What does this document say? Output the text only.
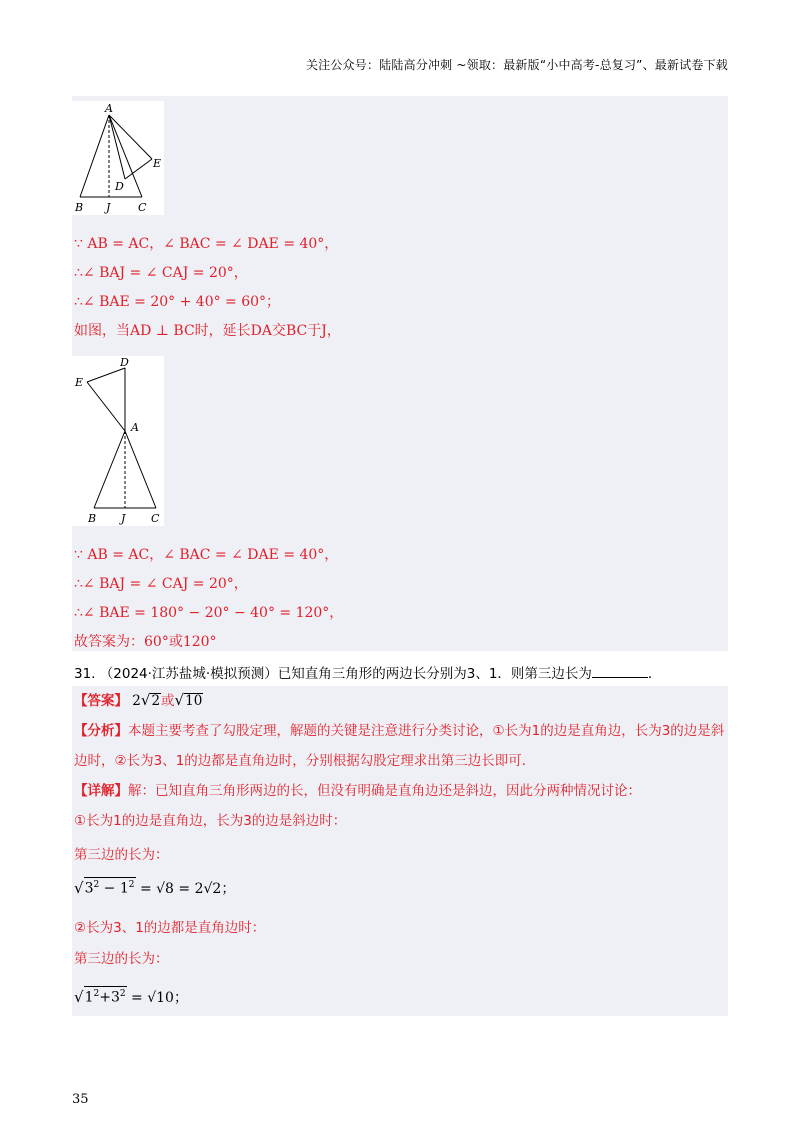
关注公众号：陆陆高分冲刺 ~领取：最新版“小中高考-总复习”、最新试卷下载
A
E
D
B J	C
∵ AB = AC，∠ BAC = ∠ DAE = 40°，
∴∠ BAJ = ∠ CAJ = 20°，
∴∠ BAE = 20° + 40° = 60°；
如图，当AD ⊥ BC时，延长DA交BC于J，
D
E
A
B J C
∵ AB = AC，∠ BAC = ∠ DAE = 40°，
∴∠ BAJ = ∠ CAJ = 20°，
∴∠ BAE = 180° − 20° − 40° = 120°，
故答案为：60°或120°
31. （2024·江苏盐城·模拟预测）已知直角三角形的两边长分别为3、1．则第三边长为	．
【答案】 2√2或√10
【分析】本题主要考查了勾股定理，解题的关键是注意进行分类讨论，①长为1的边是直角边，长为3的边是斜边时，②长为3、1的边都是直角边时，分别根据勾股定理求出第三边长即可．
【详解】解：已知直角三角形两边的长，但没有明确是直角边还是斜边，因此分两种情况讨论：
①长为1的边是直角边，长为3的边是斜边时：
第三边的长为：
$√3^2 - 1^2 = √8 = 2√2$；
②长为3、1的边都是直角边时：
第三边的长为：
$√1^2+3^2 = √10$；
35
